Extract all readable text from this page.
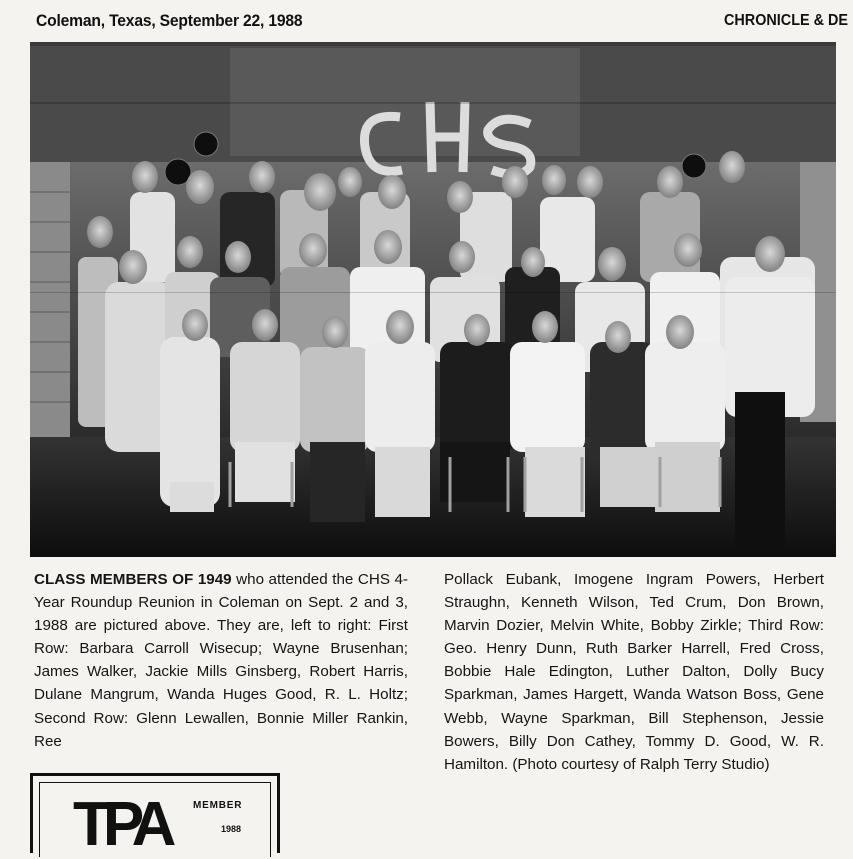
Coleman, Texas, September 22, 1988	CHRONICLE & DE
CLASS MEMBERS OF 1949 who attended the CHS 4-Year Roundup Reunion in Coleman on Sept. 2 and 3, 1988 are pictured above. They are, left to right: First Row: Barbara Carroll Wisecup; Wayne Brusenhan; James Walker, Jackie Mills Ginsberg, Robert Harris, Dulane Mangrum, Wanda Huges Good, R. L. Holtz; Second Row: Glenn Lewallen, Bonnie Miller Rankin, Ree
Pollack Eubank, Imogene Ingram Powers, Herbert Straughn, Kenneth Wilson, Ted Crum, Don Brown, Marvin Dozier, Melvin White, Bobby Zirkle; Third Row: Geo. Henry Dunn, Ruth Barker Harrell, Fred Cross, Bobbie Hale Edington, Luther Dalton, Dolly Bucy Sparkman, James Hargett, Wanda Watson Boss, Gene Webb, Wayne Sparkman, Bill Stephenson, Jessie Bowers, Billy Don Cathey, Tommy D. Good, W. R. Hamilton. (Photo courtesy of Ralph Terry Studio)
TPA MEMBER
1988
